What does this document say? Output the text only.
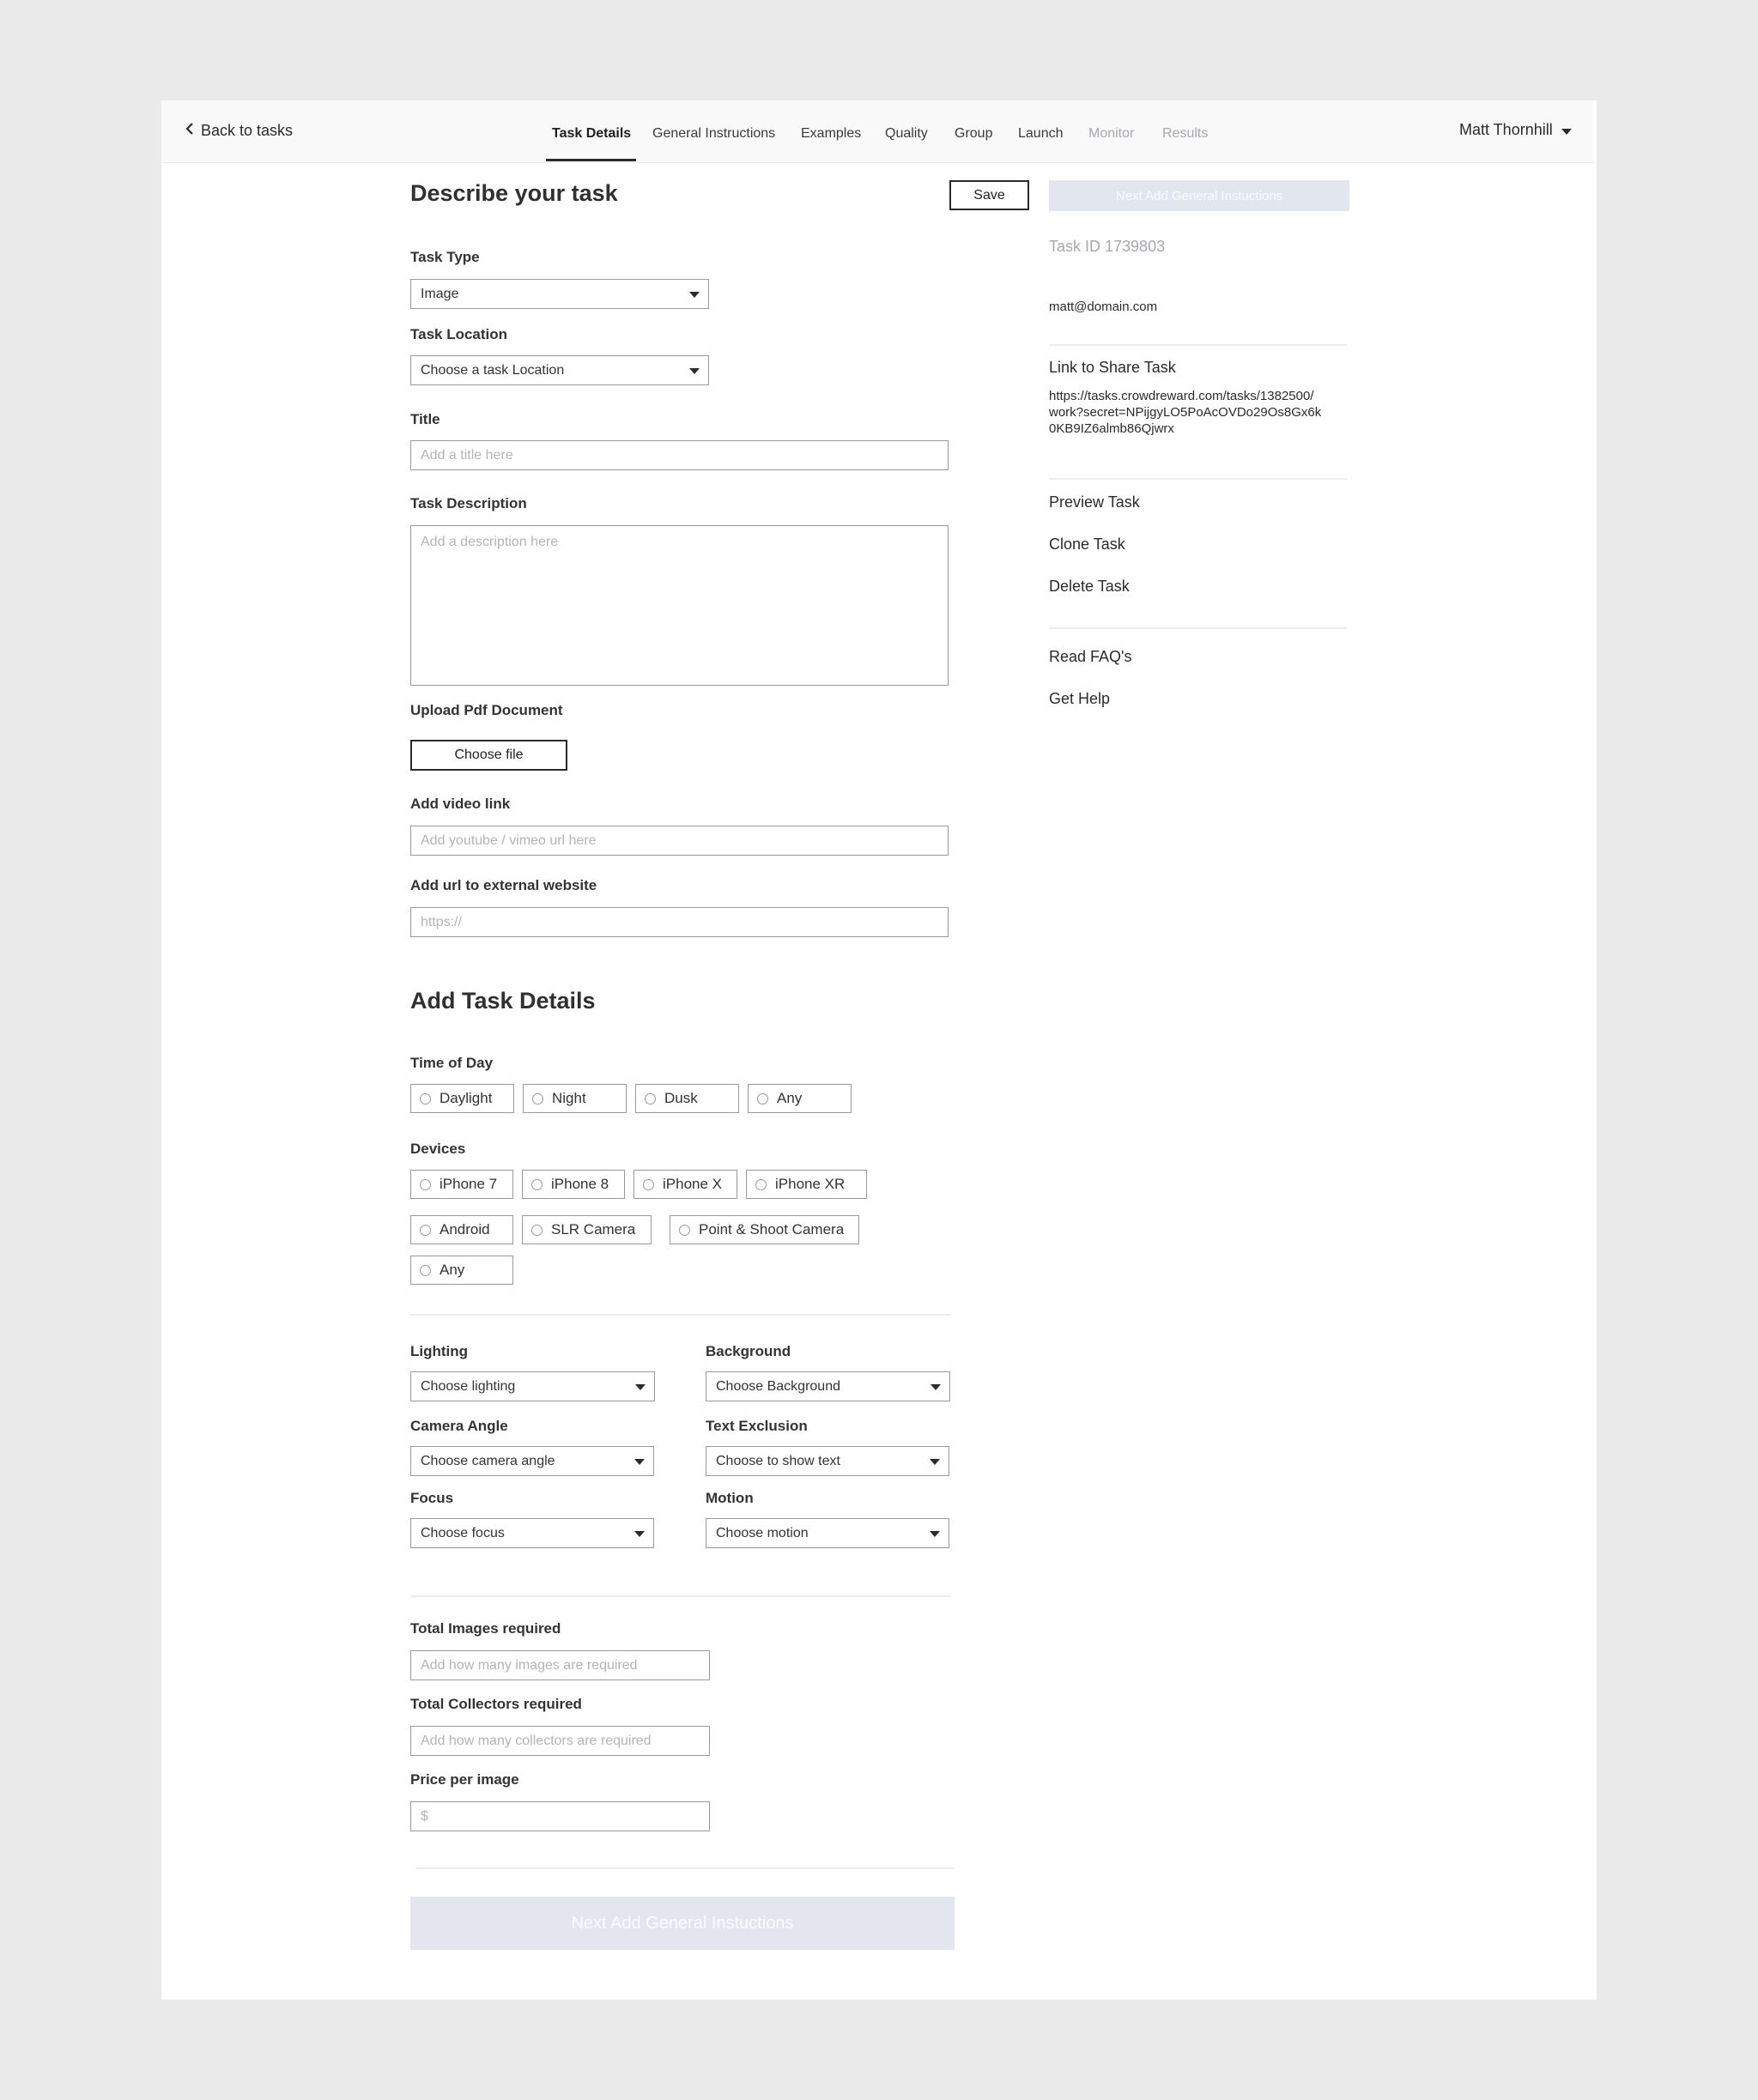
Back to tasks	Task Details General Instructions Examples Quality Group Launch Monitor Results	Matt Thornhill
Describe your task	Save
Task Type
Image
Task Location
Choose a task Location
Title
Add a title here
Task Description
Add a description here
Upload Pdf Document
Choose file
Add video link
Add youtube / vimeo url here
Add url to external website
https://
Add Task Details
Time of Day
Daylight	Night	Dusk	Any
Devices
iPhone 7	iPhone 8	iPhone X	iPhone XR
Android	SLR Camera	Point & Shoot Camera
Any
Lighting
Choose lighting
Background
Choose Background
Camera Angle
Choose camera angle
Text Exclusion
Choose to show text
Focus
Choose focus
Motion
Choose motion
Total Images required
Add how many images are required
Total Collectors required
Add how many collectors are required
Price per image
$
Next Add General Instuctions
Next Add General Instuctions
Task ID 1739803
matt@domain.com
Link to Share Task
https://tasks.crowdreward.com/tasks/1382500/
work?secret=NPijgyLO5PoAcOVDo29Os8Gx6k
0KB9IZ6almb86Qjwrx
Preview Task
Clone Task
Delete Task
Read FAQ's
Get Help
